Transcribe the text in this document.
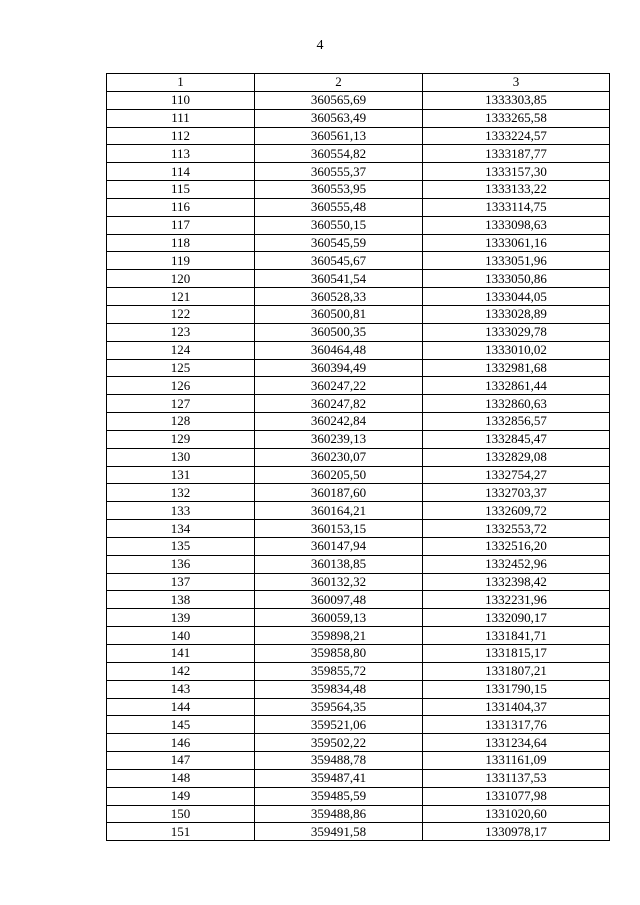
4
1	2	3
110	360565,69	1333303,85
111	360563,49	1333265,58
112	360561,13	1333224,57
113	360554,82	1333187,77
114	360555,37	1333157,30
115	360553,95	1333133,22
116	360555,48	1333114,75
117	360550,15	1333098,63
118	360545,59	1333061,16
119	360545,67	1333051,96
120	360541,54	1333050,86
121	360528,33	1333044,05
122	360500,81	1333028,89
123	360500,35	1333029,78
124	360464,48	1333010,02
125	360394,49	1332981,68
126	360247,22	1332861,44
127	360247,82	1332860,63
128	360242,84	1332856,57
129	360239,13	1332845,47
130	360230,07	1332829,08
131	360205,50	1332754,27
132	360187,60	1332703,37
133	360164,21	1332609,72
134	360153,15	1332553,72
135	360147,94	1332516,20
136	360138,85	1332452,96
137	360132,32	1332398,42
138	360097,48	1332231,96
139	360059,13	1332090,17
140	359898,21	1331841,71
141	359858,80	1331815,17
142	359855,72	1331807,21
143	359834,48	1331790,15
144	359564,35	1331404,37
145	359521,06	1331317,76
146	359502,22	1331234,64
147	359488,78	1331161,09
148	359487,41	1331137,53
149	359485,59	1331077,98
150	359488,86	1331020,60
151	359491,58	1330978,17
